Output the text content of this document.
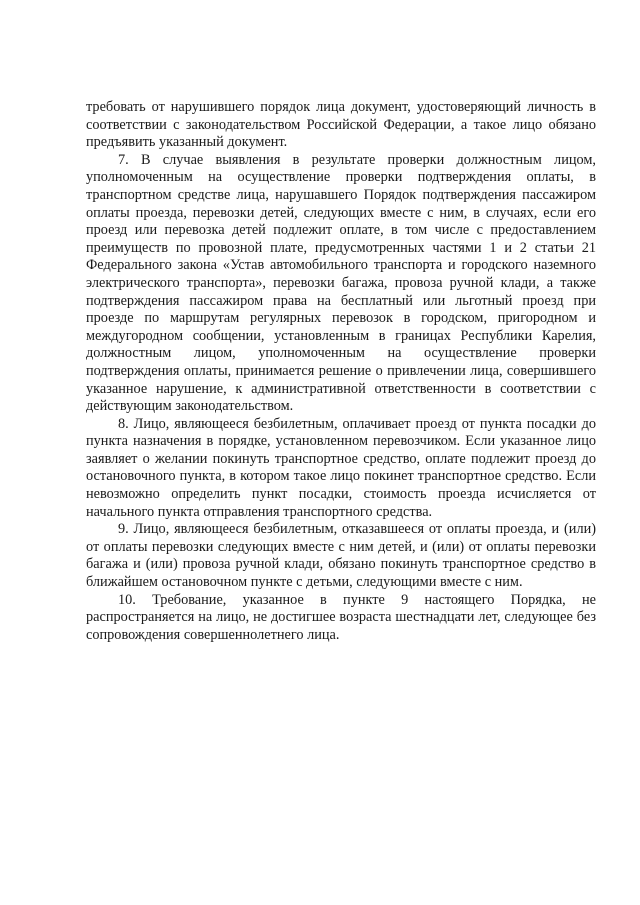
требовать от нарушившего порядок лица документ, удостоверяющий личность в соответствии с законодательством Российской Федерации, а такое лицо обязано предъявить указанный документ.

7. В случае выявления в результате проверки должностным лицом, уполномоченным на осуществление проверки подтверждения оплаты, в транспортном средстве лица, нарушавшего Порядок подтверждения пассажиром оплаты проезда, перевозки детей, следующих вместе с ним, в случаях, если его проезд или перевозка детей подлежит оплате, в том числе с предоставлением преимуществ по провозной плате, предусмотренных частями 1 и 2 статьи 21 Федерального закона «Устав автомобильного транспорта и городского наземного электрического транспорта», перевозки багажа, провоза ручной клади, а также подтверждения пассажиром права на бесплатный или льготный проезд при проезде по маршрутам регулярных перевозок в городском, пригородном и междугородном сообщении, установленным в границах Республики Карелия, должностным лицом, уполномоченным на осуществление проверки подтверждения оплаты, принимается решение о привлечении лица, совершившего указанное нарушение, к административной ответственности в соответствии с действующим законодательством.

8. Лицо, являющееся безбилетным, оплачивает проезд от пункта посадки до пункта назначения в порядке, установленном перевозчиком. Если указанное лицо заявляет о желании покинуть транспортное средство, оплате подлежит проезд до остановочного пункта, в котором такое лицо покинет транспортное средство. Если невозможно определить пункт посадки, стоимость проезда исчисляется от начального пункта отправления транспортного средства.

9. Лицо, являющееся безбилетным, отказавшееся от оплаты проезда, и (или) от оплаты перевозки следующих вместе с ним детей, и (или) от оплаты перевозки багажа и (или) провоза ручной клади, обязано покинуть транспортное средство в ближайшем остановочном пункте с детьми, следующими вместе с ним.

10. Требование, указанное в пункте 9 настоящего Порядка, не распространяется на лицо, не достигшее возраста шестнадцати лет, следующее без сопровождения совершеннолетнего лица.
